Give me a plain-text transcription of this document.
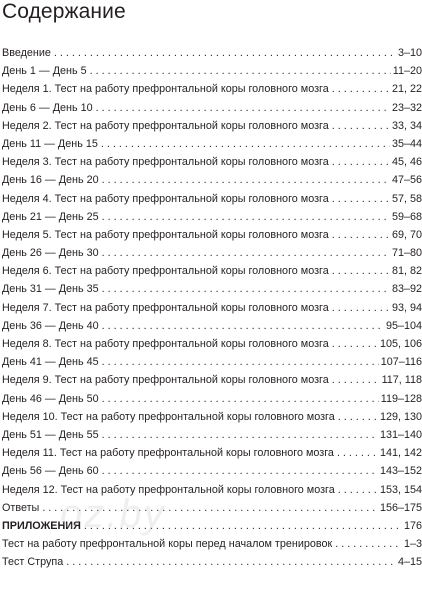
Содержание
Введение . . .	3–10
День 1 — День 5 . . .	11–20
Неделя 1. Тест на работу префронтальной коры головного мозга . . .	21, 22
День 6 — День 10 . . .	23–32
Неделя 2. Тест на работу префронтальной коры головного мозга . . .	33, 34
День 11 — День 15 . . .	35–44
Неделя 3. Тест на работу префронтальной коры головного мозга . . .	45, 46
День 16 — День 20 . . .	47–56
Неделя 4. Тест на работу префронтальной коры головного мозга . . .	57, 58
День 21 — День 25 . . .	59–68
Неделя 5. Тест на работу префронтальной коры головного мозга . . .	69, 70
День 26 — День 30 . . .	71–80
Неделя 6. Тест на работу префронтальной коры головного мозга . . .	81, 82
День 31 — День 35 . . .	83–92
Неделя 7. Тест на работу префронтальной коры головного мозга . . .	93, 94
День 36 — День 40 . . .	95–104
Неделя 8. Тест на работу префронтальной коры головного мозга . . .	105, 106
День 41 — День 45 . . .	107–116
Неделя 9. Тест на работу префронтальной коры головного мозга . . .	117, 118
День 46 — День 50 . . .	119–128
Неделя 10. Тест на работу префронтальной коры головного мозга . . .	129, 130
День 51 — День 55 . . .	131–140
Неделя 11. Тест на работу префронтальной коры головного мозга . . .	141, 142
День 56 — День 60 . . .	143–152
Неделя 12. Тест на работу префронтальной коры головного мозга . . .	153, 154
Ответы . . .	156–175
ПРИЛОЖЕНИЯ . . .	176
Тест на работу префронтальной коры перед началом тренировок . . .	1–3
Тест Струпа . . .	4–15
oz.by
